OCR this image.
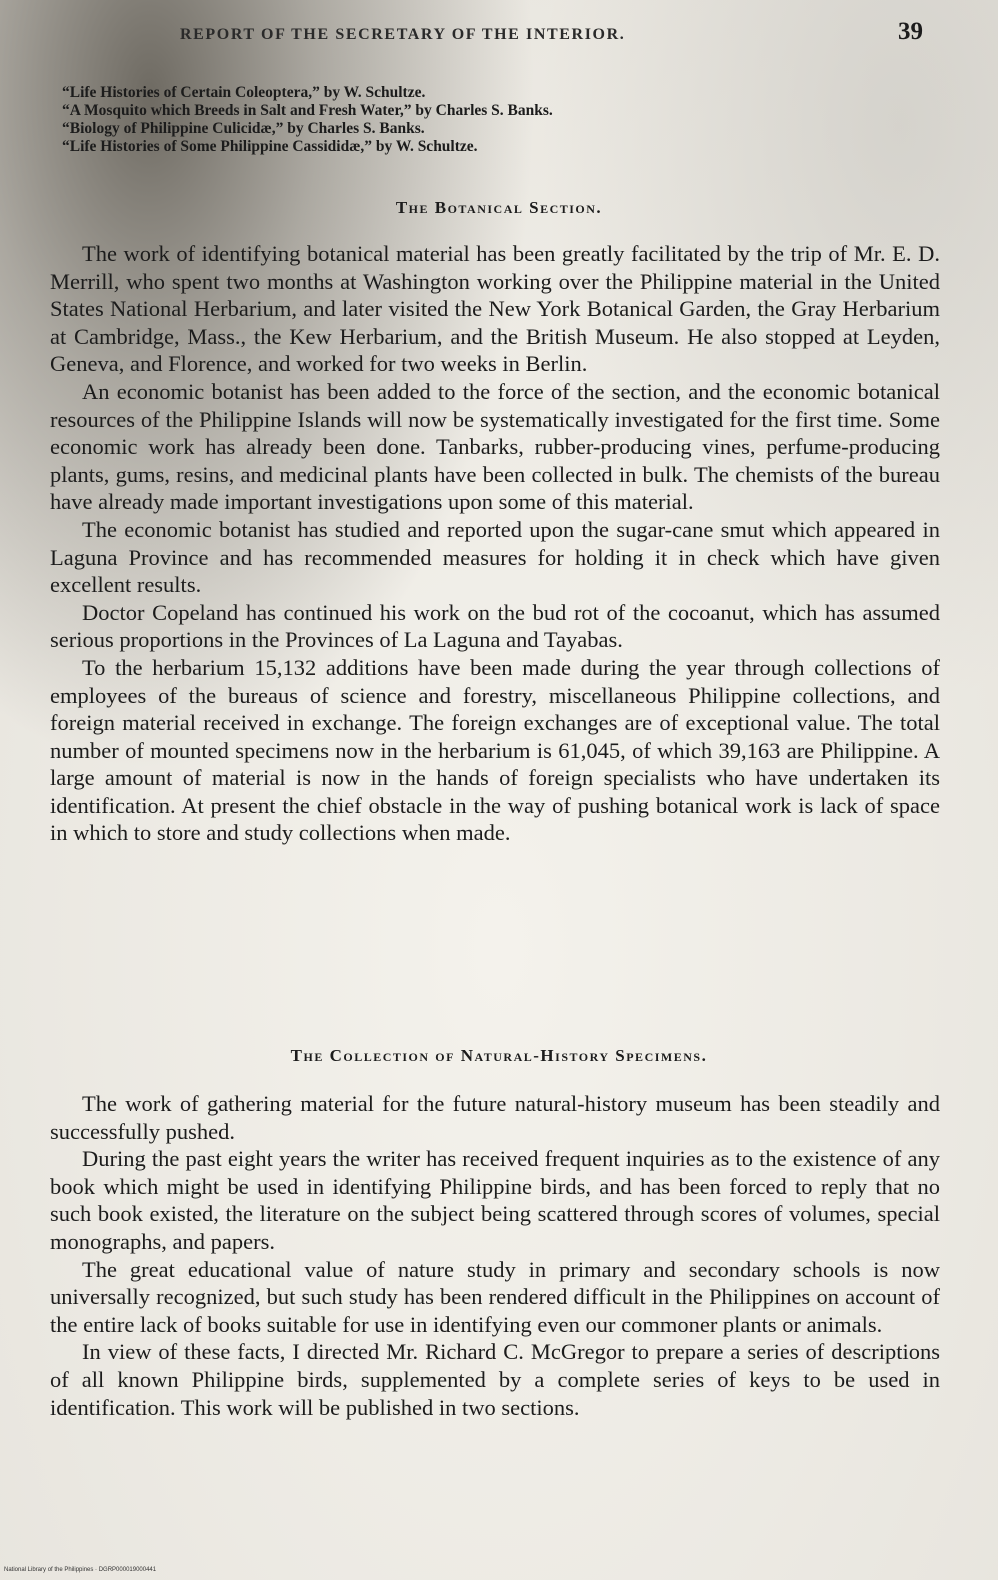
REPORT OF THE SECRETARY OF THE INTERIOR.	39
“Life Histories of Certain Coleoptera,” by W. Schultze.
“A Mosquito which Breeds in Salt and Fresh Water,” by Charles S. Banks.
“Biology of Philippine Culicidæ,” by Charles S. Banks.
“Life Histories of Some Philippine Cassididæ,” by W. Schultze.
The Botanical Section.

The work of identifying botanical material has been greatly facilitated by the trip of Mr. E. D. Merrill, who spent two months at Washington working over the Philippine material in the United States National Herbarium, and later visited the New York Botanical Garden, the Gray Herbarium at Cambridge, Mass., the Kew Herbarium, and the British Museum. He also stopped at Leyden, Geneva, and Florence, and worked for two weeks in Berlin.

An economic botanist has been added to the force of the section, and the economic botanical resources of the Philippine Islands will now be systematically investigated for the first time. Some economic work has already been done. Tanbarks, rubber-producing vines, perfume-producing plants, gums, resins, and medicinal plants have been collected in bulk. The chemists of the bureau have already made important investigations upon some of this material.

The economic botanist has studied and reported upon the sugar-cane smut which appeared in Laguna Province and has recommended measures for holding it in check which have given excellent results.

Doctor Copeland has continued his work on the bud rot of the cocoanut, which has assumed serious proportions in the Provinces of La Laguna and Tayabas.

To the herbarium 15,132 additions have been made during the year through collections of employees of the bureaus of science and forestry, miscellaneous Philippine collections, and foreign material received in exchange. The foreign exchanges are of exceptional value. The total number of mounted specimens now in the herbarium is 61,045, of which 39,163 are Philippine. A large amount of material is now in the hands of foreign specialists who have undertaken its identification. At present the chief obstacle in the way of pushing botanical work is lack of space in which to store and study collections when made.

The Collection of Natural-History Specimens.

The work of gathering material for the future natural-history museum has been steadily and successfully pushed.

During the past eight years the writer has received frequent inquiries as to the existence of any book which might be used in identifying Philippine birds, and has been forced to reply that no such book existed, the literature on the subject being scattered through scores of volumes, special monographs, and papers.

The great educational value of nature study in primary and secondary schools is now universally recognized, but such study has been rendered difficult in the Philippines on account of the entire lack of books suitable for use in identifying even our commoner plants or animals.

In view of these facts, I directed Mr. Richard C. McGregor to prepare a series of descriptions of all known Philippine birds, supplemented by a complete series of keys to be used in identification. This work will be published in two sections.

National Library of the Philippines · DGRP000019000441
